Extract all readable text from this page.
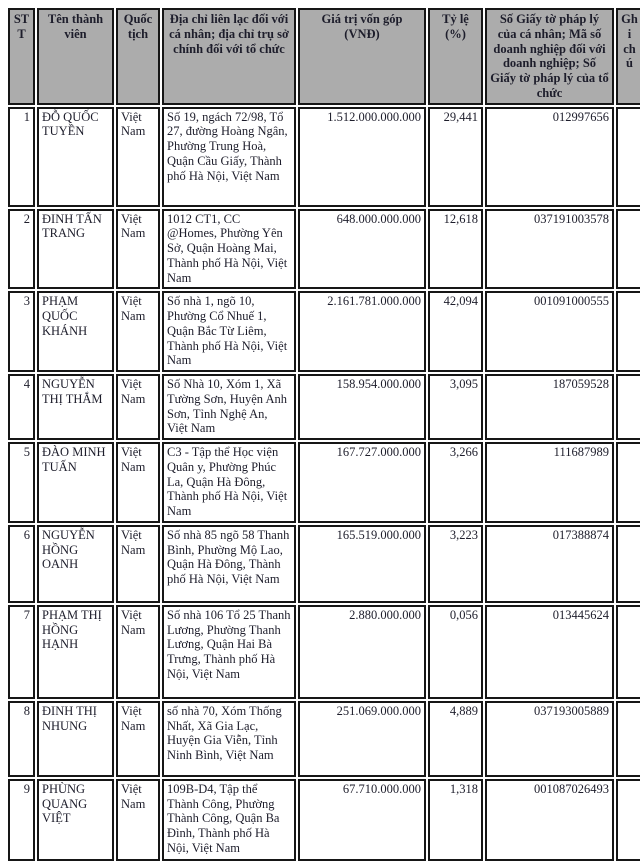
STT	Tên thành viên	Quốc tịch	Địa chỉ liên lạc đối với cá nhân; địa chỉ trụ sở chính đối với tổ chức	Giá trị vốn góp (VNĐ)	Tỷ lệ (%)	Số Giấy tờ pháp lý của cá nhân; Mã số doanh nghiệp đối với doanh nghiệp; Số Giấy tờ pháp lý của tổ chức	Ghi chú
1	ĐỖ QUỐC TUYỀN	Việt Nam	Số 19, ngách 72/98, Tổ 27, đường Hoàng Ngân, Phường Trung Hoà, Quận Cầu Giấy, Thành phố Hà Nội, Việt Nam	1.512.000.000.000	29,441	012997656	
2	ĐINH TẤN TRANG	Việt Nam	1012 CT1, CC @Homes, Phường Yên Sở, Quận Hoàng Mai, Thành phố Hà Nội, Việt Nam	648.000.000.000	12,618	037191003578	
3	PHẠM QUỐC KHÁNH	Việt Nam	Số nhà 1, ngõ 10, Phường Cổ Nhuế 1, Quận Bắc Từ Liêm, Thành phố Hà Nội, Việt Nam	2.161.781.000.000	42,094	001091000555	
4	NGUYỄN THỊ THẮM	Việt Nam	Số Nhà 10, Xóm 1, Xã Tường Sơn, Huyện Anh Sơn, Tỉnh Nghệ An, Việt Nam	158.954.000.000	3,095	187059528	
5	ĐÀO MINH TUẤN	Việt Nam	C3 - Tập thể Học viện Quân y, Phường Phúc La, Quận Hà Đông, Thành phố Hà Nội, Việt Nam	167.727.000.000	3,266	111687989	
6	NGUYỄN HỒNG OANH	Việt Nam	Số nhà 85 ngõ 58 Thanh Bình, Phường Mộ Lao, Quận Hà Đông, Thành phố Hà Nội, Việt Nam	165.519.000.000	3,223	017388874	
7	PHẠM THỊ HỒNG HẠNH	Việt Nam	Số nhà 106 Tổ 25 Thanh Lương, Phường Thanh Lương, Quận Hai Bà Trưng, Thành phố Hà Nội, Việt Nam	2.880.000.000	0,056	013445624	
8	ĐINH THỊ NHUNG	Việt Nam	số nhà 70, Xóm Thống Nhất, Xã Gia Lạc, Huyện Gia Viễn, Tỉnh Ninh Bình, Việt Nam	251.069.000.000	4,889	037193005889	
9	PHÙNG QUANG VIỆT	Việt Nam	109B-D4, Tập thể Thành Công, Phường Thành Công, Quận Ba Đình, Thành phố Hà Nội, Việt Nam	67.710.000.000	1,318	001087026493	
